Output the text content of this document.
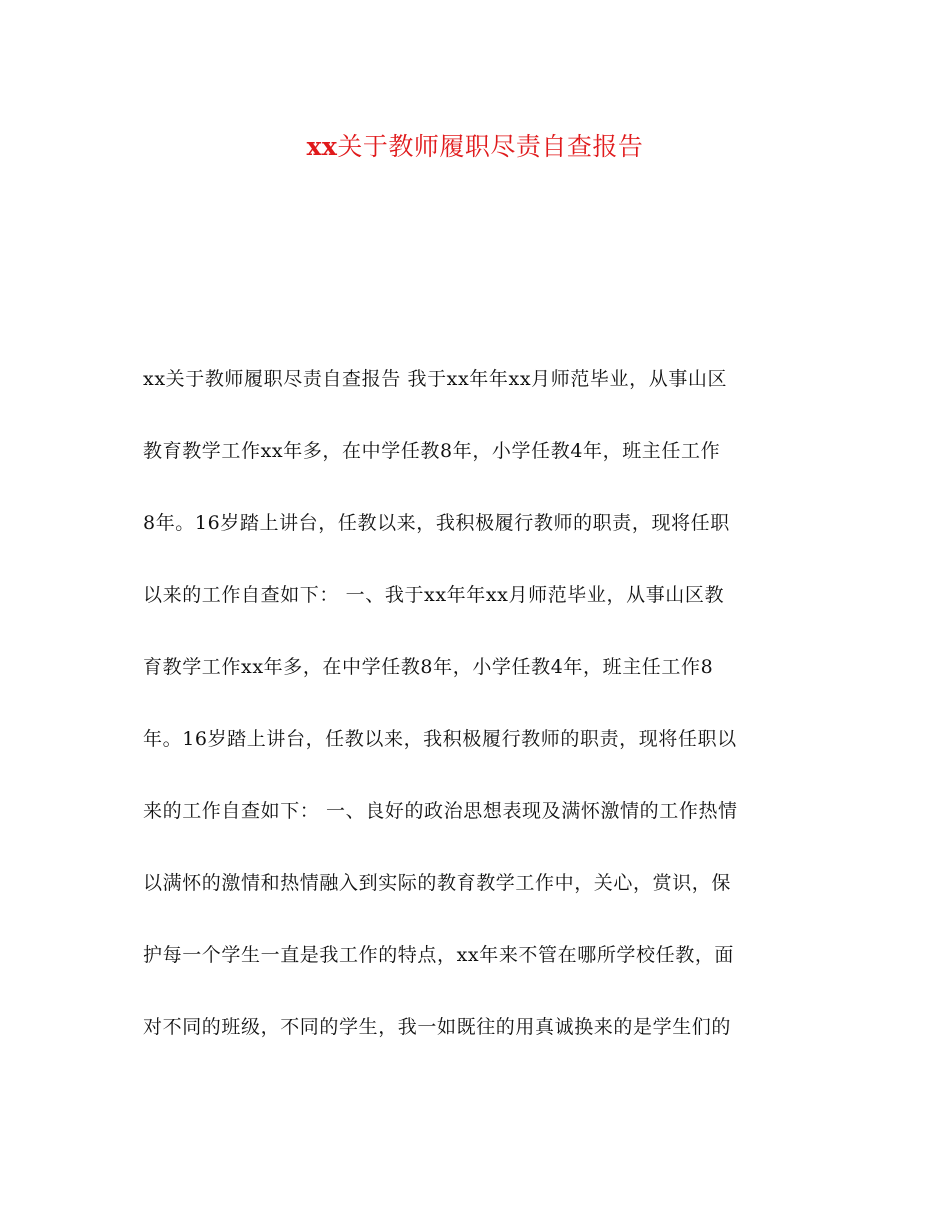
xx关于教师履职尽责自查报告
xx关于教师履职尽责自查报告 我于xx年年xx月师范毕业，从事山区
教育教学工作xx年多，在中学任教8年，小学任教4年，班主任工作
8年。16岁踏上讲台，任教以来，我积极履行教师的职责，现将任职
以来的工作自查如下： 一、我于xx年年xx月师范毕业，从事山区教
育教学工作xx年多，在中学任教8年，小学任教4年，班主任工作8
年。16岁踏上讲台，任教以来，我积极履行教师的职责，现将任职以
来的工作自查如下： 一、良好的政治思想表现及满怀激情的工作热情
以满怀的激情和热情融入到实际的教育教学工作中，关心，赏识，保
护每一个学生一直是我工作的特点，xx年来不管在哪所学校任教，面
对不同的班级，不同的学生，我一如既往的用真诚换来的是学生们的
